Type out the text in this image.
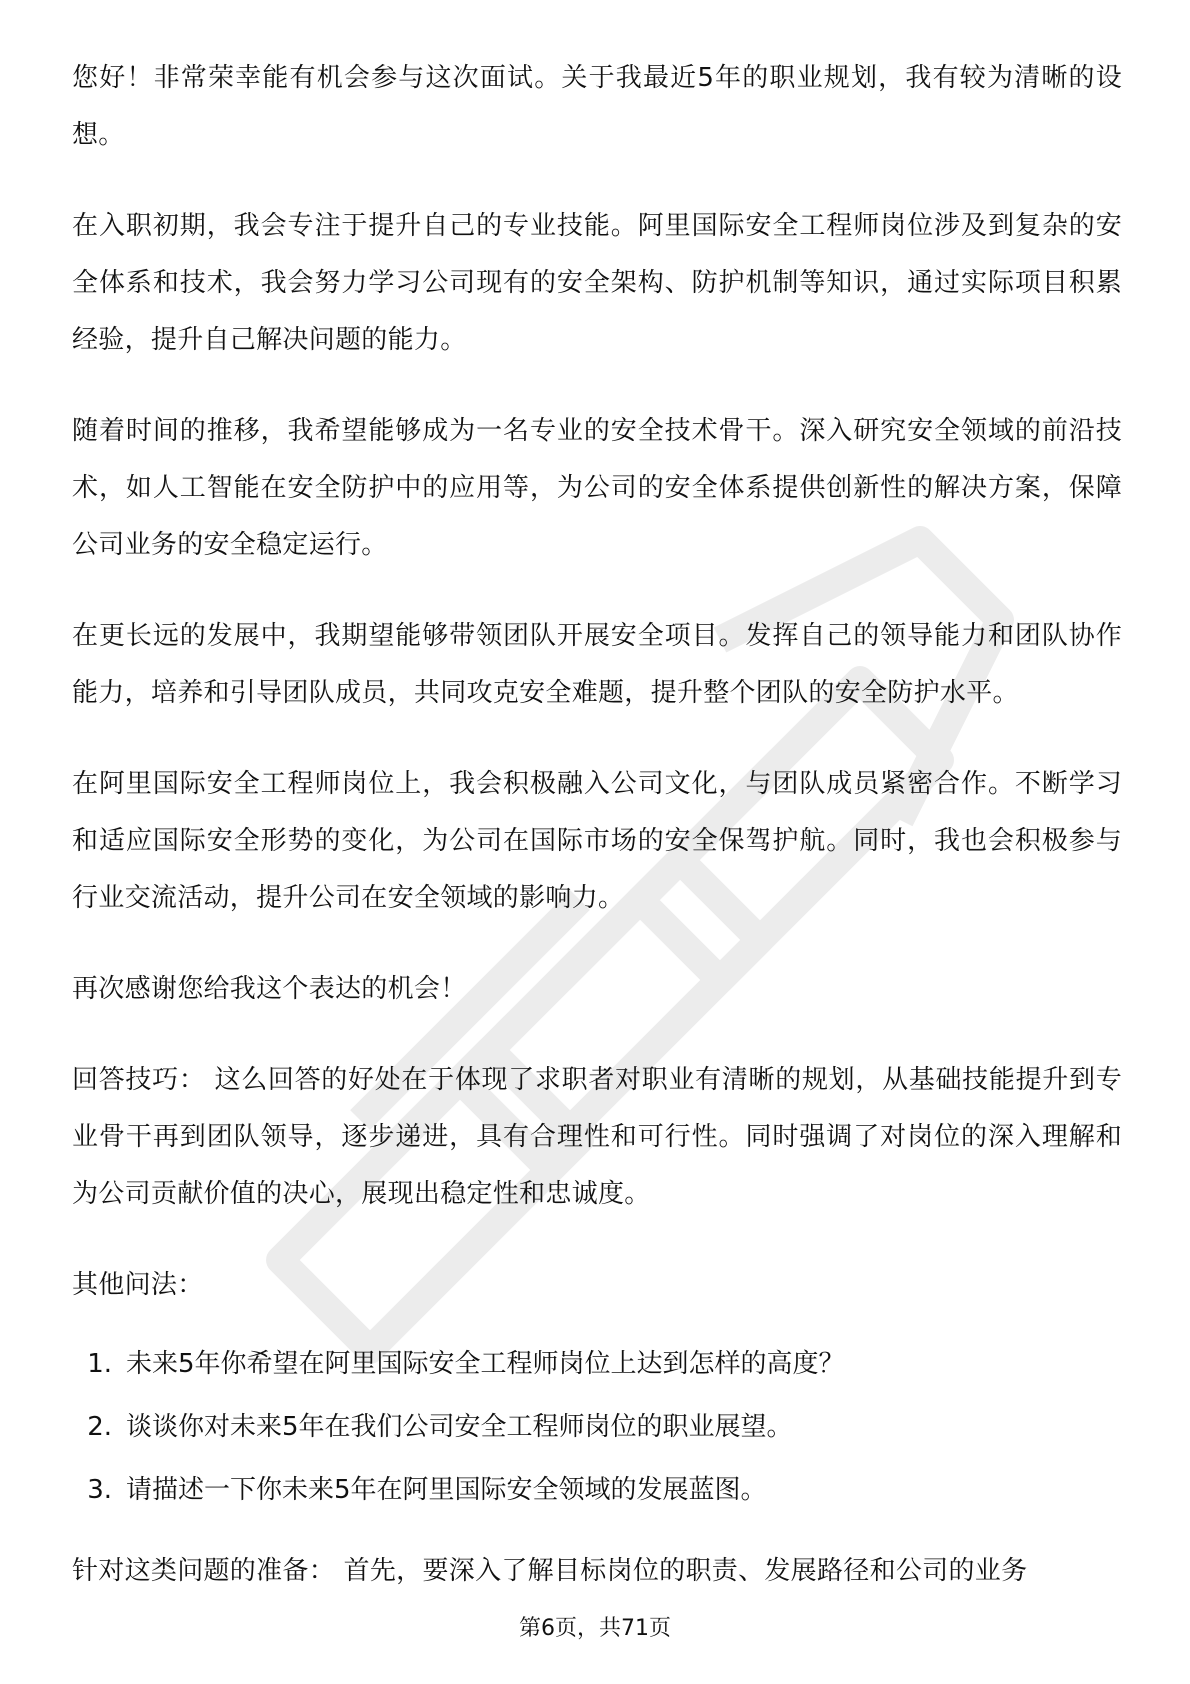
您好！非常荣幸能有机会参与这次面试。关于我最近5年的职业规划，我有较为清晰的设想。

在入职初期，我会专注于提升自己的专业技能。阿里国际安全工程师岗位涉及到复杂的安全体系和技术，我会努力学习公司现有的安全架构、防护机制等知识，通过实际项目积累经验，提升自己解决问题的能力。

随着时间的推移，我希望能够成为一名专业的安全技术骨干。深入研究安全领域的前沿技术，如人工智能在安全防护中的应用等，为公司的安全体系提供创新性的解决方案，保障公司业务的安全稳定运行。

在更长远的发展中，我期望能够带领团队开展安全项目。发挥自己的领导能力和团队协作能力，培养和引导团队成员，共同攻克安全难题，提升整个团队的安全防护水平。

在阿里国际安全工程师岗位上，我会积极融入公司文化，与团队成员紧密合作。不断学习和适应国际安全形势的变化，为公司在国际市场的安全保驾护航。同时，我也会积极参与行业交流活动，提升公司在安全领域的影响力。

再次感谢您给我这个表达的机会！

回答技巧： 这么回答的好处在于体现了求职者对职业有清晰的规划，从基础技能提升到专业骨干再到团队领导，逐步递进，具有合理性和可行性。同时强调了对岗位的深入理解和为公司贡献价值的决心，展现出稳定性和忠诚度。

其他问法：

1. 未来5年你希望在阿里国际安全工程师岗位上达到怎样的高度？
2. 谈谈你对未来5年在我们公司安全工程师岗位的职业展望。
3. 请描述一下你未来5年在阿里国际安全领域的发展蓝图。

针对这类问题的准备： 首先，要深入了解目标岗位的职责、发展路径和公司的业务

第6页，共71页
